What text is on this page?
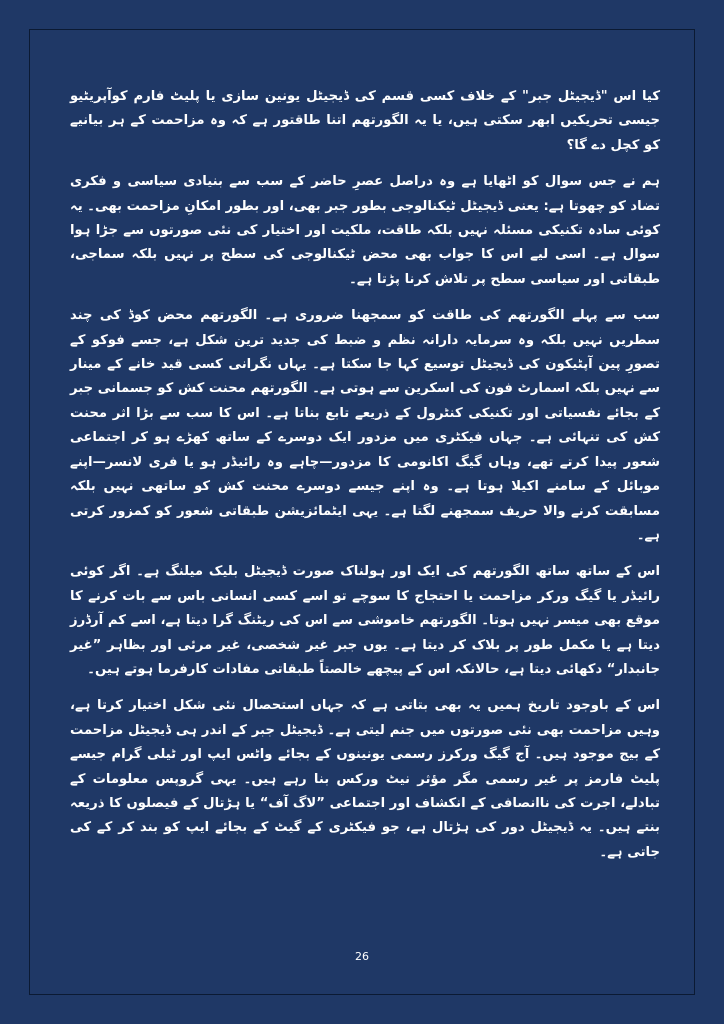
کیا اس "ڈیجیٹل جبر" کے خلاف کسی قسم کی ڈیجیٹل یونین سازی یا پلیٹ فارم کوآپریٹیو جیسی تحریکیں ابھر سکتی ہیں، یا یہ الگورتھم اتنا طاقتور ہے کہ وہ مزاحمت کے ہر بیانیے کو کچل دے گا؟

ہم نے جس سوال کو اٹھایا ہے وہ دراصل عصرِ حاضر کے سب سے بنیادی سیاسی و فکری تضاد کو چھوتا ہے: یعنی ڈیجیٹل ٹیکنالوجی بطور جبر بھی، اور بطور امکانِ مزاحمت بھی۔ یہ کوئی سادہ تکنیکی مسئلہ نہیں بلکہ طاقت، ملکیت اور اختیار کی نئی صورتوں سے جڑا ہوا سوال ہے۔ اسی لیے اس کا جواب بھی محض ٹیکنالوجی کی سطح پر نہیں بلکہ سماجی، طبقاتی اور سیاسی سطح پر تلاش کرنا پڑتا ہے۔

سب سے پہلے الگورتھم کی طاقت کو سمجھنا ضروری ہے۔ الگورتھم محض کوڈ کی چند سطریں نہیں بلکہ وہ سرمایہ دارانہ نظم و ضبط کی جدید ترین شکل ہے، جسے فوکو کے تصورِ پین آپٹیکون کی ڈیجیٹل توسیع کہا جا سکتا ہے۔ یہاں نگرانی کسی قید خانے کے مینار سے نہیں بلکہ اسمارٹ فون کی اسکرین سے ہوتی ہے۔ الگورتھم محنت کش کو جسمانی جبر کے بجائے نفسیاتی اور تکنیکی کنٹرول کے ذریعے تابع بناتا ہے۔ اس کا سب سے بڑا اثر محنت کش کی تنہائی ہے۔ جہاں فیکٹری میں مزدور ایک دوسرے کے ساتھ کھڑے ہو کر اجتماعی شعور پیدا کرتے تھے، وہاں گیگ اکانومی کا مزدور—چاہے وہ رائیڈر ہو یا فری لانسر—اپنے موبائل کے سامنے اکیلا ہوتا ہے۔ وہ اپنے جیسے دوسرے محنت کش کو ساتھی نہیں بلکہ مسابقت کرنے والا حریف سمجھنے لگتا ہے۔ یہی ایٹمائزیشن طبقاتی شعور کو کمزور کرتی ہے۔

اس کے ساتھ ساتھ الگورتھم کی ایک اور ہولناک صورت ڈیجیٹل بلیک میلنگ ہے۔ اگر کوئی رائیڈر یا گیگ ورکر مزاحمت یا احتجاج کا سوچے تو اسے کسی انسانی باس سے بات کرنے کا موقع بھی میسر نہیں ہوتا۔ الگورتھم خاموشی سے اس کی ریٹنگ گرا دیتا ہے، اسے کم آرڈرز دیتا ہے یا مکمل طور پر بلاک کر دیتا ہے۔ یوں جبر غیر شخصی، غیر مرئی اور بظاہر ”غیر جانبدار“ دکھائی دیتا ہے، حالانکہ اس کے پیچھے خالصتاً طبقاتی مفادات کارفرما ہوتے ہیں۔

اس کے باوجود تاریخ ہمیں یہ بھی بتاتی ہے کہ جہاں استحصال نئی شکل اختیار کرتا ہے، وہیں مزاحمت بھی نئی صورتوں میں جنم لیتی ہے۔ ڈیجیٹل جبر کے اندر ہی ڈیجیٹل مزاحمت کے بیج موجود ہیں۔ آج گیگ ورکرز رسمی یونینوں کے بجائے واٹس ایپ اور ٹیلی گرام جیسے پلیٹ فارمز پر غیر رسمی مگر مؤثر نیٹ ورکس بنا رہے ہیں۔ یہی گروپس معلومات کے تبادلے، اجرت کی ناانصافی کے انکشاف اور اجتماعی ”لاگ آف“ یا ہڑتال کے فیصلوں کا ذریعہ بنتے ہیں۔ یہ ڈیجیٹل دور کی ہڑتال ہے، جو فیکٹری کے گیٹ کے بجائے ایپ کو بند کر کے کی جاتی ہے۔

26
